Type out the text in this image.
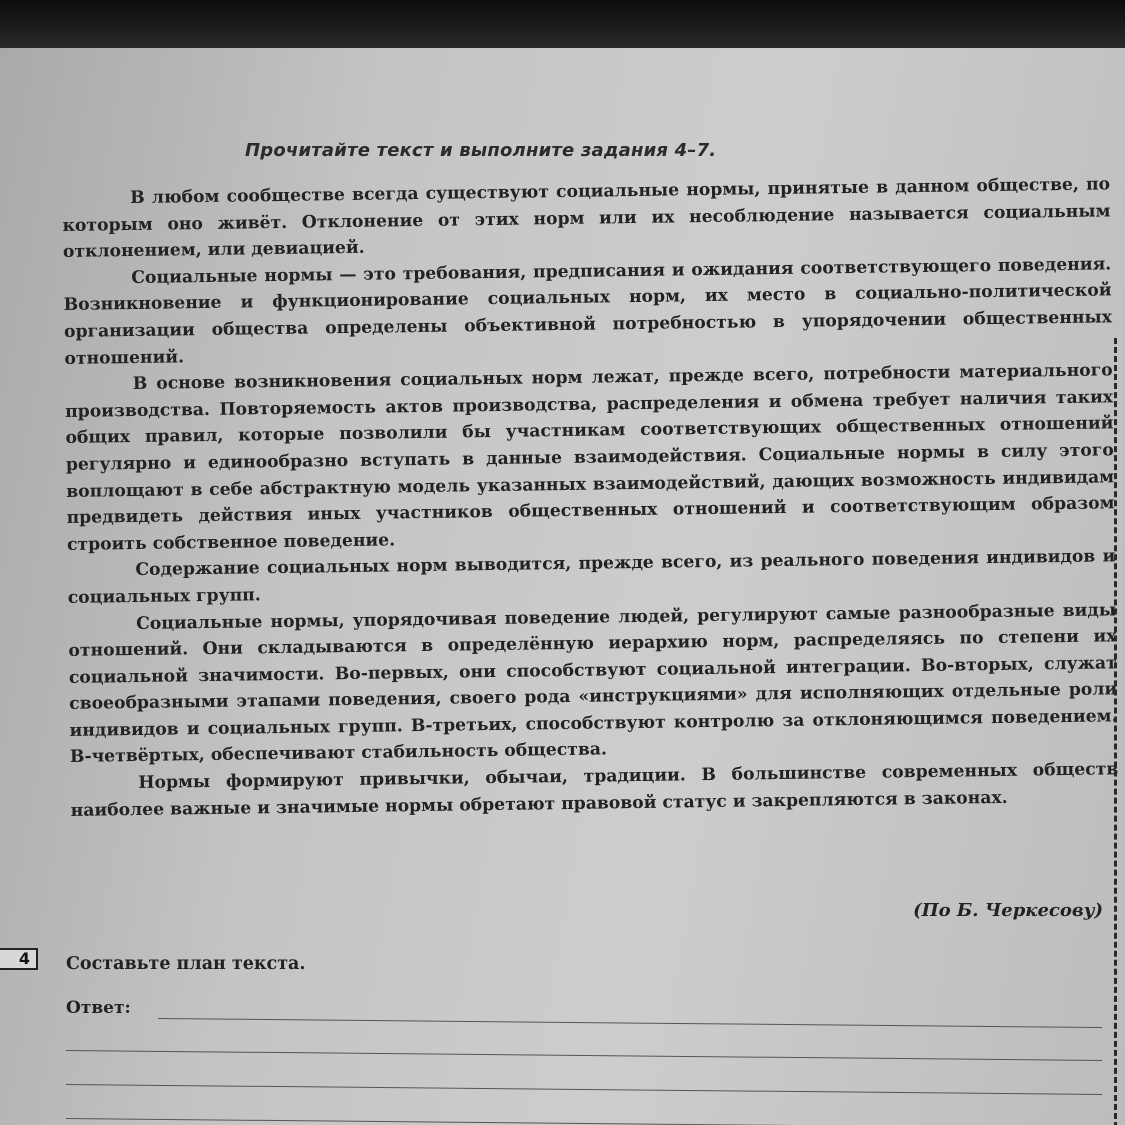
Прочитайте текст и выполните задания 4–7.

В любом сообществе всегда существуют социальные нормы, принятые в данном обществе, по которым оно живёт. Отклонение от этих норм или их несоблюдение называется социальным отклонением, или девиацией.

Социальные нормы — это требования, предписания и ожидания соответствующего поведения. Возникновение и функционирование социальных норм, их место в социально-политической организации общества определены объективной потребностью в упорядочении общественных отношений.

В основе возникновения социальных норм лежат, прежде всего, потребности материального производства. Повторяемость актов производства, распределения и обмена требует наличия таких общих правил, которые позволили бы участникам соответствующих общественных отношений регулярно и единообразно вступать в данные взаимодействия. Социальные нормы в силу этого воплощают в себе абстрактную модель указанных взаимодействий, дающих возможность индивидам предвидеть действия иных участников общественных отношений и соответствующим образом строить собственное поведение.

Содержание социальных норм выводится, прежде всего, из реального поведения индивидов и социальных групп.

Социальные нормы, упорядочивая поведение людей, регулируют самые разнообразные виды отношений. Они складываются в определённую иерархию норм, распределяясь по степени их социальной значимости. Во-первых, они способствуют социальной интеграции. Во-вторых, служат своеобразными этапами поведения, своего рода «инструкциями» для исполняющих отдельные роли индивидов и социальных групп. В-третьих, способствуют контролю за отклоняющимся поведением. В-четвёртых, обеспечивают стабильность общества.

Нормы формируют привычки, обычаи, традиции. В большинстве современных обществ наиболее важные и значимые нормы обретают правовой статус и закрепляются в законах.

(По Б. Черкесову)
4	Составьте план текста.
Ответ:
